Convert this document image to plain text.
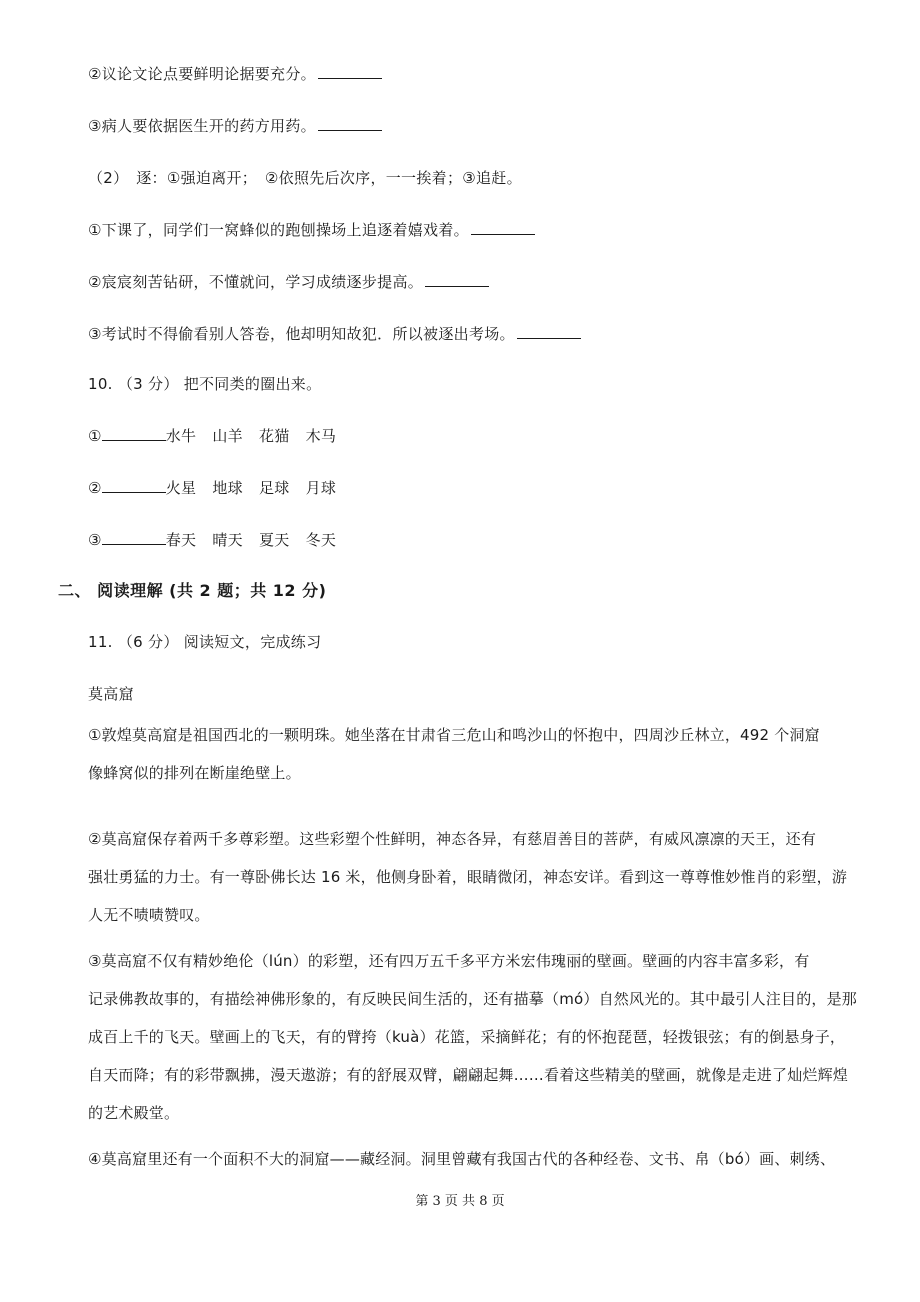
②议论文论点要鲜明论据要充分。
③病人要依据医生开的药方用药。
（2）　逐：①强迫离开；　②依照先后次序，一一挨着；③追赶。
①下课了，同学们一窝蜂似的跑刨操场上追逐着嬉戏着。
②宸宸刻苦钻研，不懂就问，学习成绩逐步提高。
③考试时不得偷看别人答卷，他却明知故犯．所以被逐出考场。
10. （3 分） 把不同类的圈出来。
①	水牛 山羊 花猫 木马
②	火星 地球 足球 月球
③	春天 晴天 夏天 冬天
二、 阅读理解 (共 2 题；共 12 分)
11. （6 分） 阅读短文，完成练习
莫高窟
①敦煌莫高窟是祖国西北的一颗明珠。她坐落在甘肃省三危山和鸣沙山的怀抱中，四周沙丘林立，492 个洞窟
像蜂窝似的排列在断崖绝壁上。
②莫高窟保存着两千多尊彩塑。这些彩塑个性鲜明，神态各异，有慈眉善目的菩萨，有威风凛凛的天王，还有
强壮勇猛的力士。有一尊卧佛长达 16 米，他侧身卧着，眼睛微闭，神态安详。看到这一尊尊惟妙惟肖的彩塑，游
人无不啧啧赞叹。
③莫高窟不仅有精妙绝伦（lún）的彩塑，还有四万五千多平方米宏伟瑰丽的壁画。壁画的内容丰富多彩，有
记录佛教故事的，有描绘神佛形象的，有反映民间生活的，还有描摹（mó）自然风光的。其中最引人注目的，是那
成百上千的飞天。壁画上的飞天，有的臂挎（kuà）花篮，采摘鲜花；有的怀抱琵琶，轻拨银弦；有的倒悬身子，
自天而降；有的彩带飘拂，漫天遨游；有的舒展双臂，翩翩起舞……看着这些精美的壁画，就像是走进了灿烂辉煌
的艺术殿堂。
④莫高窟里还有一个面积不大的洞窟——藏经洞。洞里曾藏有我国古代的各种经卷、文书、帛（bó）画、刺绣、
第 3 页 共 8 页
